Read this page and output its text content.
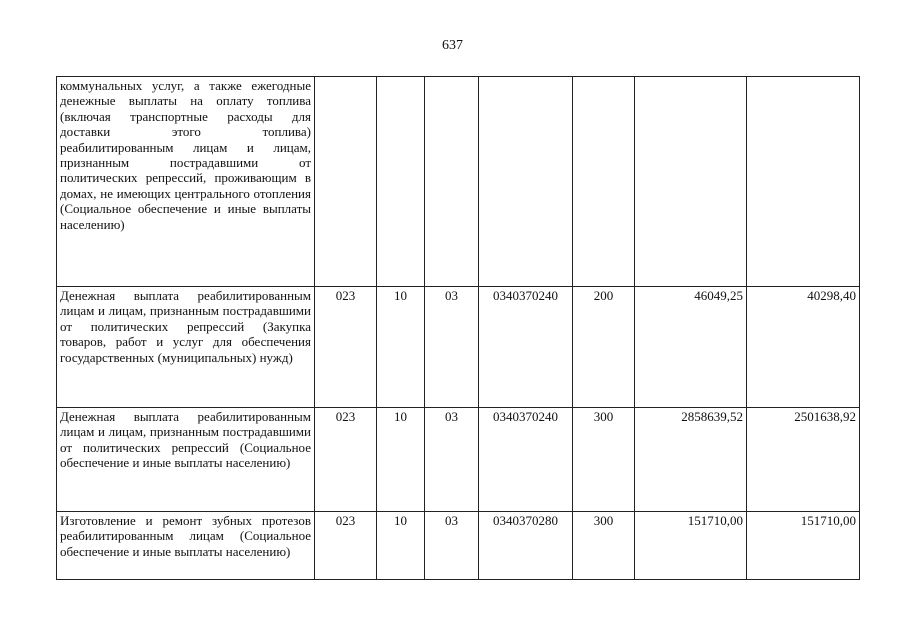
637
коммунальных услуг, а также ежегодные денежные выплаты на оплату топлива (включая транспортные расходы для доставки этого топлива) реабилитированным лицам и лицам, признанным пострадавшими от политических репрессий, проживающим в домах, не имеющих центрального отопления (Социальное обеспечение и иные выплаты населению)							
Денежная выплата реабилитированным лицам и лицам, признанным пострадавшими от политических репрессий (Закупка товаров, работ и услуг для обеспечения государственных (муниципальных) нужд)	023	10	03	0340370240	200	46049,25	40298,40
Денежная выплата реабилитированным лицам и лицам, признанным пострадавшими от политических репрессий (Социальное обеспечение и иные выплаты населению)	023	10	03	0340370240	300	2858639,52	2501638,92
Изготовление и ремонт зубных протезов реабилитированным лицам (Социальное обеспечение и иные выплаты населению)	023	10	03	0340370280	300	151710,00	151710,00
